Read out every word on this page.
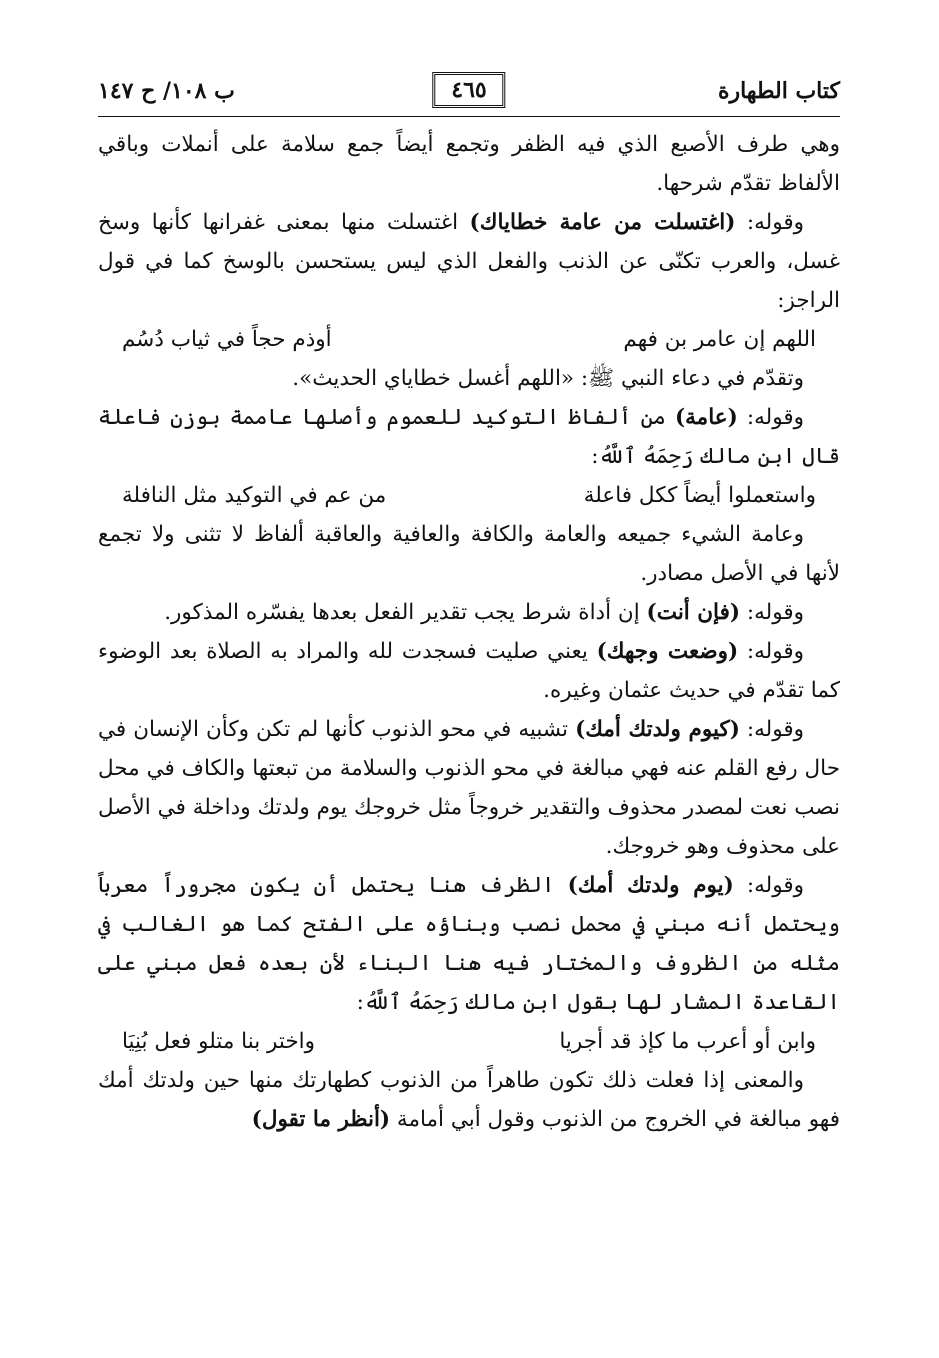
كتاب الطهارة
٤٦٥
ب ١٠٨/ ح ١٤٧

وهي طرف الأصبع الذي فيه الظفر وتجمع أيضاً جمع سلامة على أنملات وباقي الألفاظ تقدّم شرحها.

وقوله: (اغتسلت من عامة خطاياك) اغتسلت منها بمعنى غفرانها كأنها وسخ غسل، والعرب تكنّى عن الذنب والفعل الذي ليس يستحسن بالوسخ كما في قول الراجز:

اللهم إن عامر بن فهم
أوذم حجاً في ثياب دُسُم

وتقدّم في دعاء النبي ﷺ: «اللهم أغسل خطاياي الحديث».

وقوله: (عامة) من ألفاظ التوكيد للعموم وأصلها عاممة بوزن فاعلة قال ابن مالك رَحِمَهُ ٱللَّهُ:

واستعملوا أيضاً ككل فاعلة
من عم في التوكيد مثل النافلة

وعامة الشيء جميعه والعامة والكافة والعافية والعاقبة ألفاظ لا تثنى ولا تجمع لأنها في الأصل مصادر.

وقوله: (فإن أنت) إن أداة شرط يجب تقدير الفعل بعدها يفسّره المذكور.

وقوله: (وضعت وجهك) يعني صليت فسجدت لله والمراد به الصلاة بعد الوضوء كما تقدّم في حديث عثمان وغيره.

وقوله: (كيوم ولدتك أمك) تشبيه في محو الذنوب كأنها لم تكن وكأن الإنسان في حال رفع القلم عنه فهي مبالغة في محو الذنوب والسلامة من تبعتها والكاف في محل نصب نعت لمصدر محذوف والتقدير خروجاً مثل خروجك يوم ولدتك وداخلة في الأصل على محذوف وهو خروجك.

وقوله: (يوم ولدتك أمك) الظرف هنا يحتمل أن يكون مجروراً معرباً ويحتمل أنه مبني في محمل نصب وبناؤه على الفتح كما هو الغالب في مثله من الظروف والمختار فيه هنا البناء لأن بعده فعل مبني على القاعدة المشار لها بقول ابن مالك رَحِمَهُ ٱللَّهُ:

وابن أو أعرب ما كإذ قد أجريا
واختر بنا متلو فعل بُنِيَا

والمعنى إذا فعلت ذلك تكون طاهراً من الذنوب كطهارتك منها حين ولدتك أمك فهو مبالغة في الخروج من الذنوب وقول أبي أمامة (أنظر ما تقول)
